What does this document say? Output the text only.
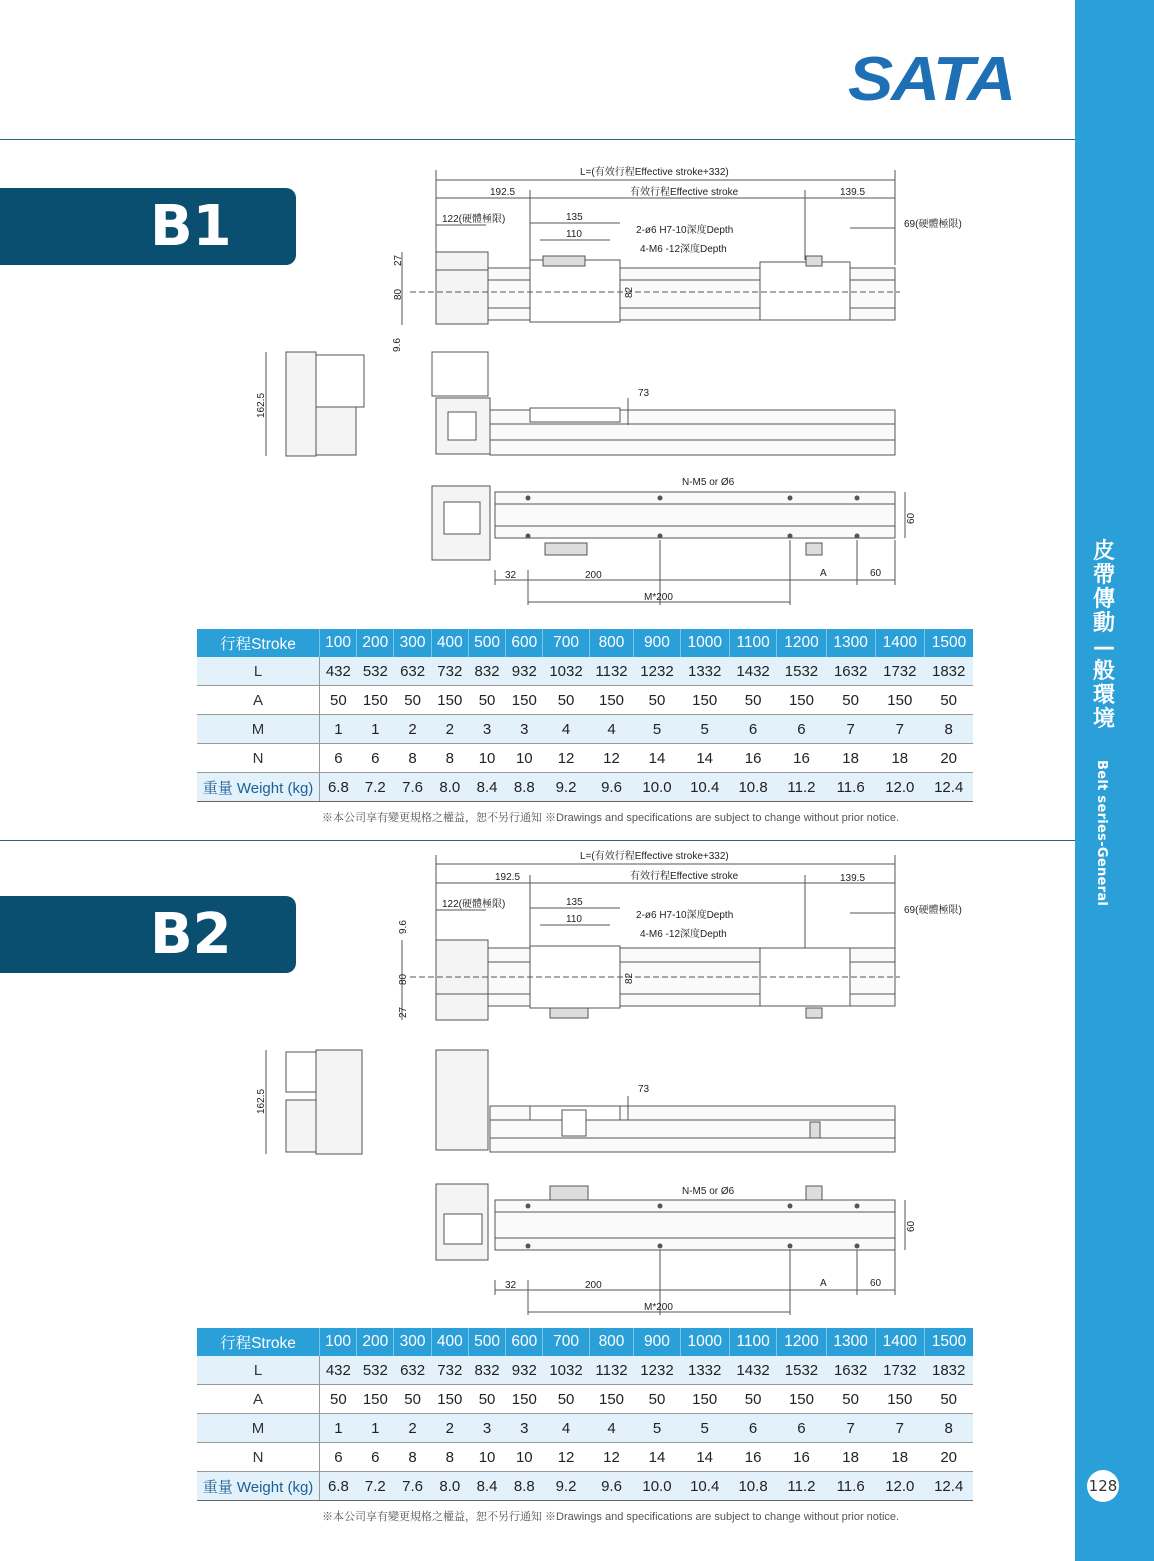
皮
帶
傳
動
—
般
環
境
Belt series-General
128
SATA
B1
B2
L=(有效行程Effective stroke+332)
192.5	有效行程Effective stroke	139.5
122(硬體極限)	69(硬體極限)
135
110	2-ø6 H7-10深度Depth
4-M6 -12深度Depth
27
80	82
9.6
162.5	73
N-M5 or Ø6
60
32	200	A	60
M*200
L=(有效行程Effective stroke+332)
192.5	有效行程Effective stroke	139.5
122(硬體極限)
69(硬體極限)
135
110	2-ø6 H7-10深度Depth
4-M6 -12深度Depth
9.6
80	82
27
162.5	73
N-M5 or Ø6
60
32	200	A	60
M*200
行程Stroke	100	200	300	400	500	600	700	800	900	1000	1100	1200	1300	1400	1500
L	432	532	632	732	832	932	1032	1132	1232	1332	1432	1532	1632	1732	1832
A	50	150	50	150	50	150	50	150	50	150	50	150	50	150	50
M	1	1	2	2	3	3	4	4	5	5	6	6	7	7	8
N	6	6	8	8	10	10	12	12	14	14	16	16	18	18	20
重量 Weight (kg)	6.8	7.2	7.6	8.0	8.4	8.8	9.2	9.6	10.0	10.4	10.8	11.2	11.6	12.0	12.4
※本公司享有變更規格之權益，恕不另行通知 ※Drawings and specifications are subject to change without prior notice.
行程Stroke	100	200	300	400	500	600	700	800	900	1000	1100	1200	1300	1400	1500
L	432	532	632	732	832	932	1032	1132	1232	1332	1432	1532	1632	1732	1832
A	50	150	50	150	50	150	50	150	50	150	50	150	50	150	50
M	1	1	2	2	3	3	4	4	5	5	6	6	7	7	8
N	6	6	8	8	10	10	12	12	14	14	16	16	18	18	20
重量 Weight (kg)	6.8	7.2	7.6	8.0	8.4	8.8	9.2	9.6	10.0	10.4	10.8	11.2	11.6	12.0	12.4
※本公司享有變更規格之權益，恕不另行通知 ※Drawings and specifications are subject to change without prior notice.
